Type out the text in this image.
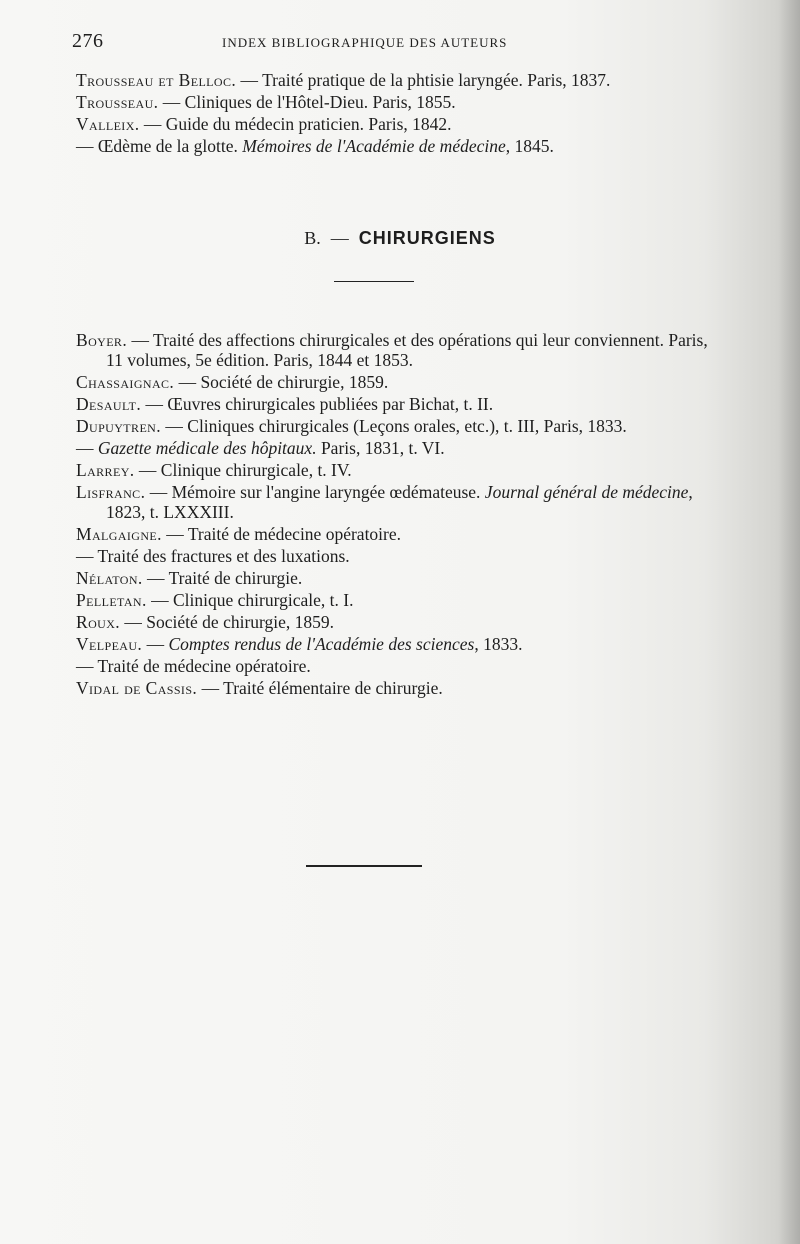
276	INDEX BIBLIOGRAPHIQUE DES AUTEURS

Trousseau et Belloc. — Traité pratique de la phtisie laryngée. Paris, 1837.

Trousseau. — Cliniques de l'Hôtel-Dieu. Paris, 1855.

Valleix. — Guide du médecin praticien. Paris, 1842.

— Œdème de la glotte. Mémoires de l'Académie de médecine, 1845.

B. — CHIRURGIENS

Boyer. — Traité des affections chirurgicales et des opérations qui leur conviennent. Paris, 11 volumes, 5e édition. Paris, 1844 et 1853.

Chassaignac. — Société de chirurgie, 1859.

Desault. — Œuvres chirurgicales publiées par Bichat, t. II.

Dupuytren. — Cliniques chirurgicales (Leçons orales, etc.), t. III, Paris, 1833.

— Gazette médicale des hôpitaux. Paris, 1831, t. VI.

Larrey. — Clinique chirurgicale, t. IV.

Lisfranc. — Mémoire sur l'angine laryngée œdémateuse. Journal général de médecine, 1823, t. LXXXIII.

Malgaigne. — Traité de médecine opératoire.

— Traité des fractures et des luxations.

Nélaton. — Traité de chirurgie.

Pelletan. — Clinique chirurgicale, t. I.

Roux. — Société de chirurgie, 1859.

Velpeau. — Comptes rendus de l'Académie des sciences, 1833.

— Traité de médecine opératoire.

Vidal de Cassis. — Traité élémentaire de chirurgie.
